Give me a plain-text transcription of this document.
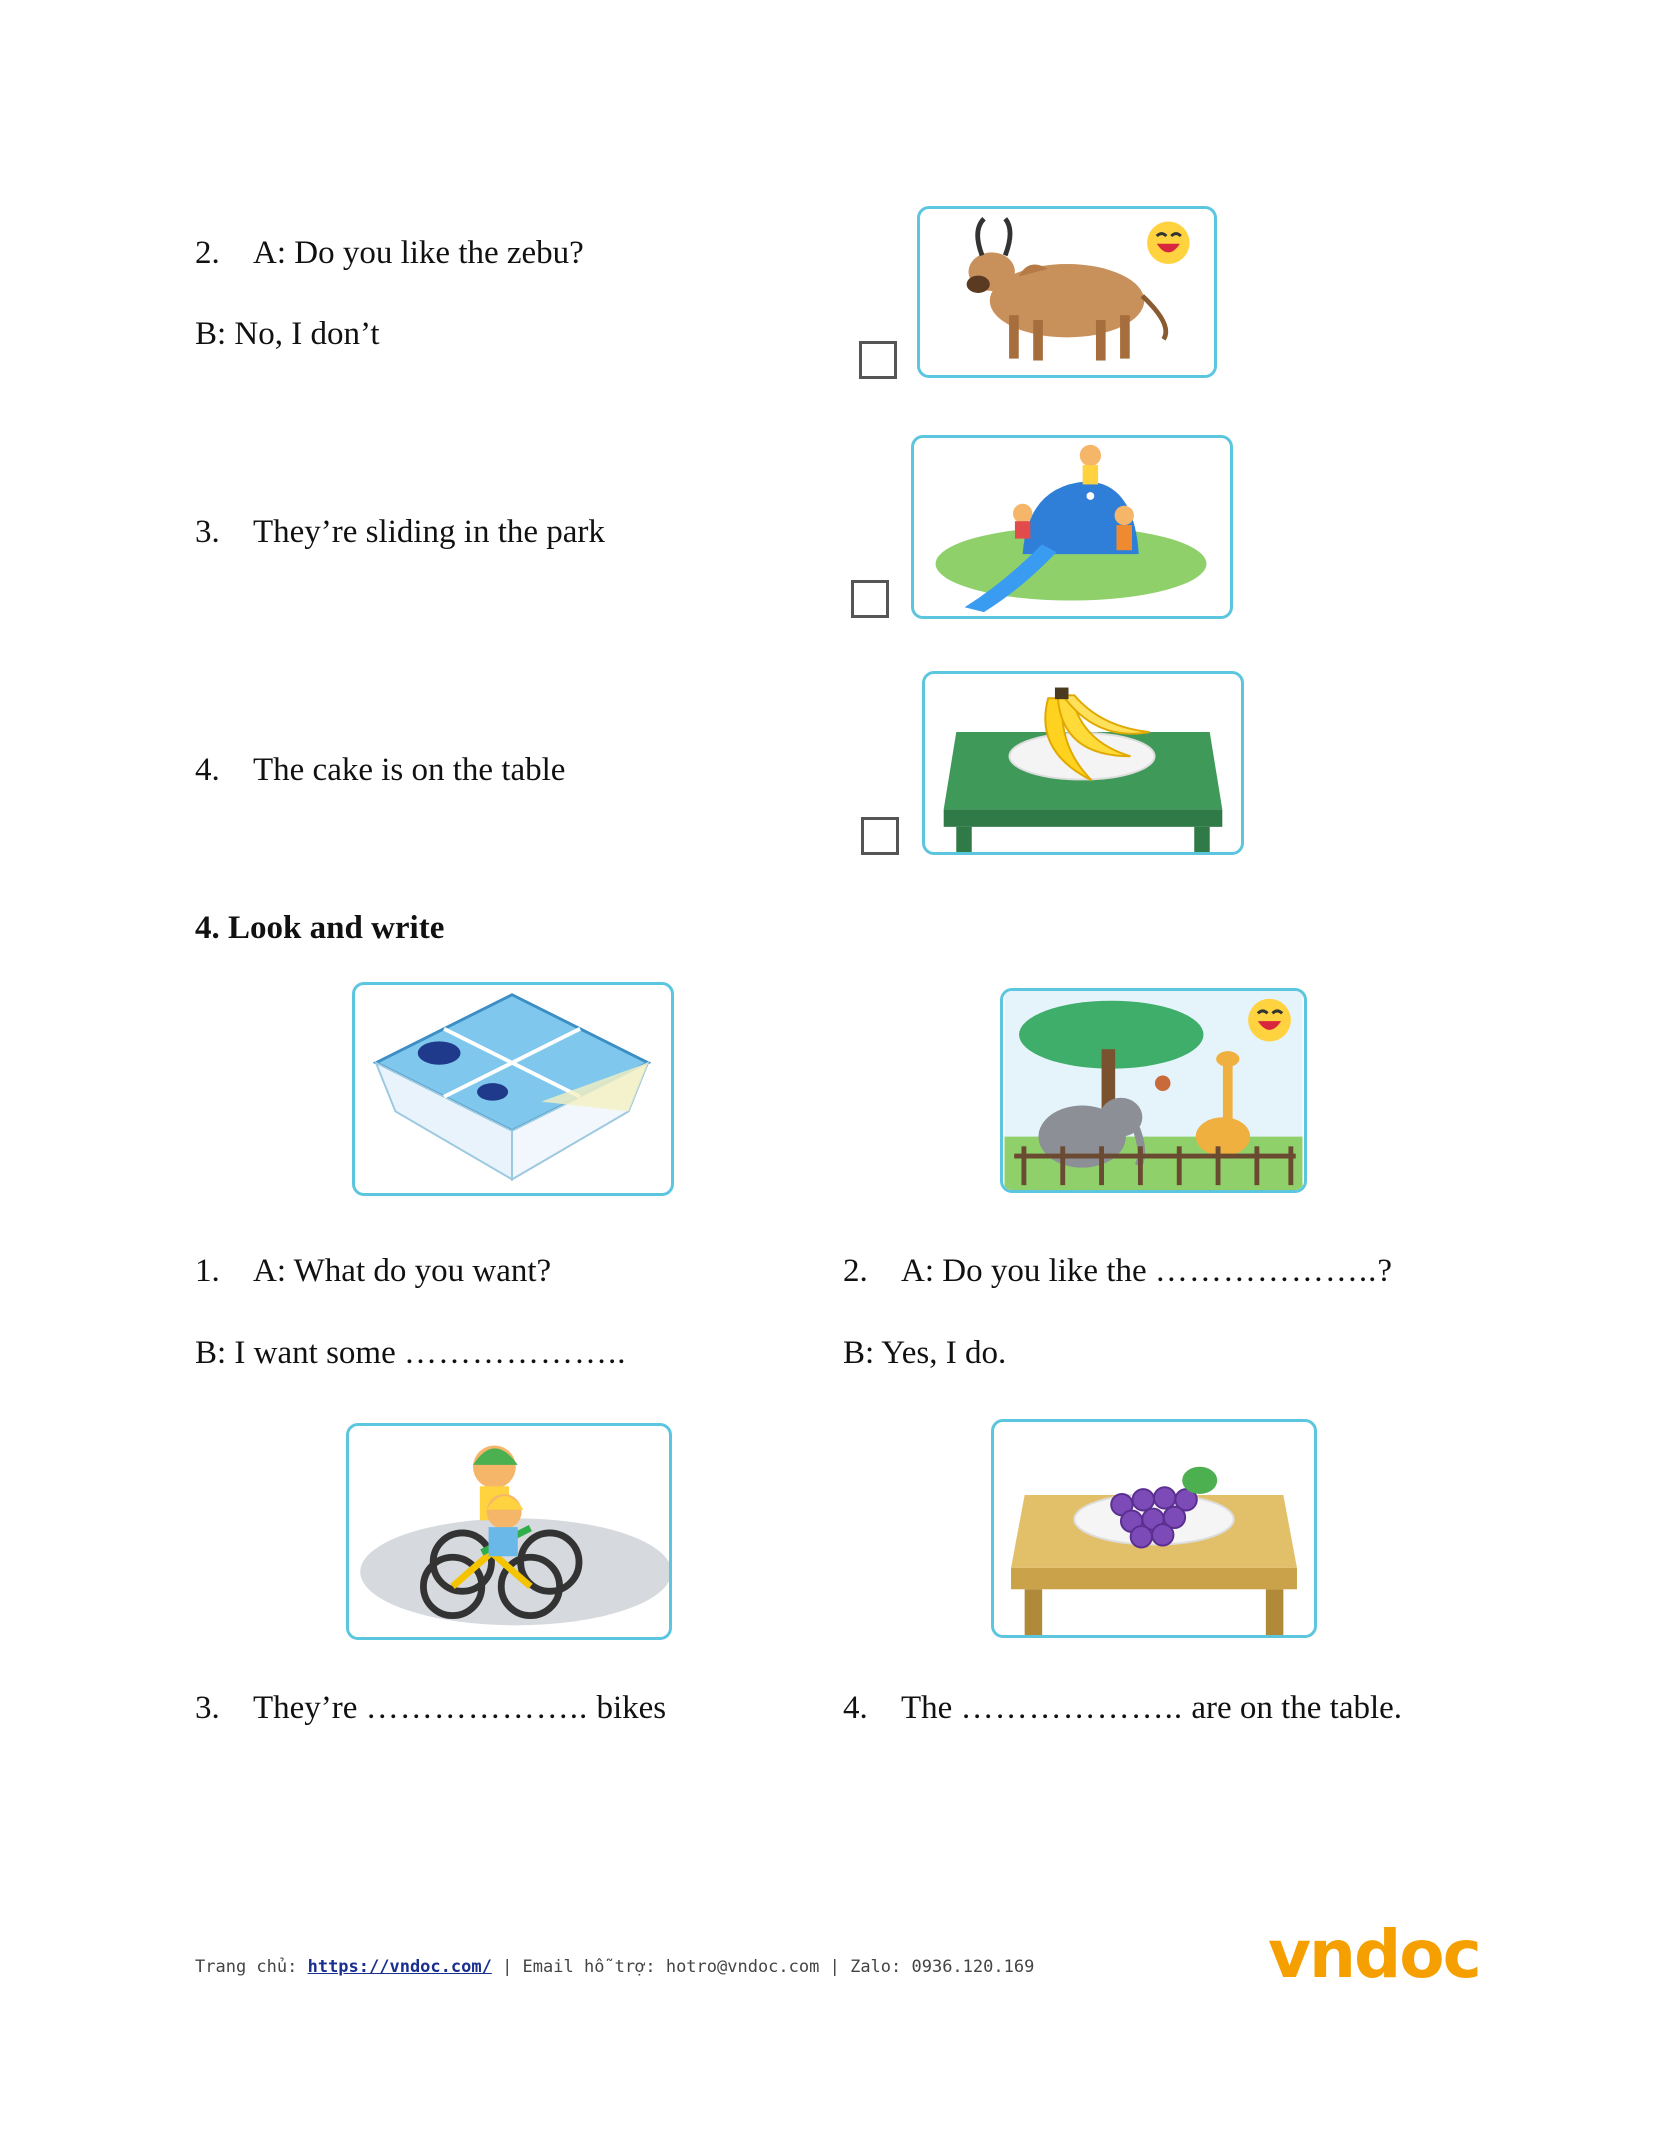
2. A: Do you like the zebu?
B: No, I don’t
3. They’re sliding in the park
4. The cake is on the table
4. Look and write
1. A: What do you want?
B: I want some ………………..
2. A: Do you like the ………………..?
B: Yes, I do.
3. They’re ……………….. bikes	4. The ……………….. are on the table.
Trang chủ: https://vndoc.com/ | Email hỗ trợ: hotro@vndoc.com | Zalo: 0936.120.169	vndoc
